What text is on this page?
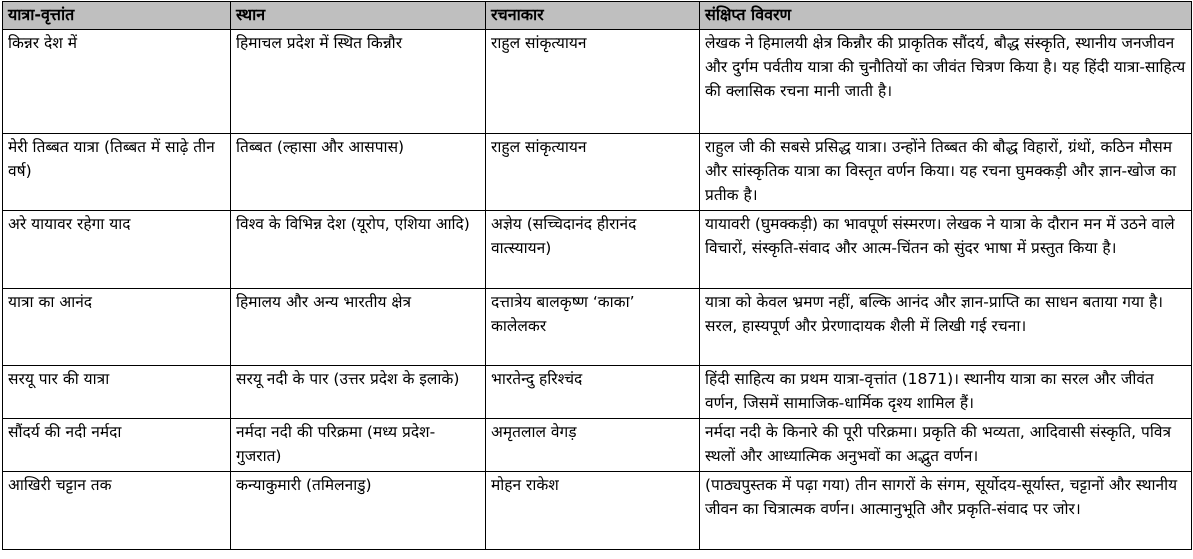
यात्रा-वृत्तांत	स्थान	रचनाकार	संक्षिप्त विवरण
किन्नर देश में	हिमाचल प्रदेश में स्थित किन्नौर	राहुल सांकृत्यायन	लेखक ने हिमालयी क्षेत्र किन्नौर की प्राकृतिक सौंदर्य, बौद्ध संस्कृति, स्थानीय जनजीवन और दुर्गम पर्वतीय यात्रा की चुनौतियों का जीवंत चित्रण किया है। यह हिंदी यात्रा-साहित्य की क्लासिक रचना मानी जाती है।
मेरी तिब्बत यात्रा (तिब्बत में साढ़े तीन वर्ष)	तिब्बत (ल्हासा और आसपास)	राहुल सांकृत्यायन	राहुल जी की सबसे प्रसिद्ध यात्रा। उन्होंने तिब्बत की बौद्ध विहारों, ग्रंथों, कठिन मौसम और सांस्कृतिक यात्रा का विस्तृत वर्णन किया। यह रचना घुमक्कड़ी और ज्ञान-खोज का प्रतीक है।
अरे यायावर रहेगा याद	विश्व के विभिन्न देश (यूरोप, एशिया आदि)	अज्ञेय (सच्चिदानंद हीरानंद वात्स्यायन)	यायावरी (घुमक्कड़ी) का भावपूर्ण संस्मरण। लेखक ने यात्रा के दौरान मन में उठने वाले विचारों, संस्कृति-संवाद और आत्म-चिंतन को सुंदर भाषा में प्रस्तुत किया है।
यात्रा का आनंद	हिमालय और अन्य भारतीय क्षेत्र	दत्तात्रेय बालकृष्ण ‘काका’ कालेलकर	यात्रा को केवल भ्रमण नहीं, बल्कि आनंद और ज्ञान-प्राप्ति का साधन बताया गया है। सरल, हास्यपूर्ण और प्रेरणादायक शैली में लिखी गई रचना।
सरयू पार की यात्रा	सरयू नदी के पार (उत्तर प्रदेश के इलाके)	भारतेन्दु हरिश्चंद	हिंदी साहित्य का प्रथम यात्रा-वृत्तांत (1871)। स्थानीय यात्रा का सरल और जीवंत वर्णन, जिसमें सामाजिक-धार्मिक दृश्य शामिल हैं।
सौंदर्य की नदी नर्मदा	नर्मदा नदी की परिक्रमा (मध्य प्रदेश-गुजरात)	अमृतलाल वेगड़	नर्मदा नदी के किनारे की पूरी परिक्रमा। प्रकृति की भव्यता, आदिवासी संस्कृति, पवित्र स्थलों और आध्यात्मिक अनुभवों का अद्भुत वर्णन।
आखिरी चट्टान तक	कन्याकुमारी (तमिलनाडु)	मोहन राकेश	(पाठ्यपुस्तक में पढ़ा गया) तीन सागरों के संगम, सूर्योदय-सूर्यास्त, चट्टानों और स्थानीय जीवन का चित्रात्मक वर्णन। आत्मानुभूति और प्रकृति-संवाद पर जोर।
